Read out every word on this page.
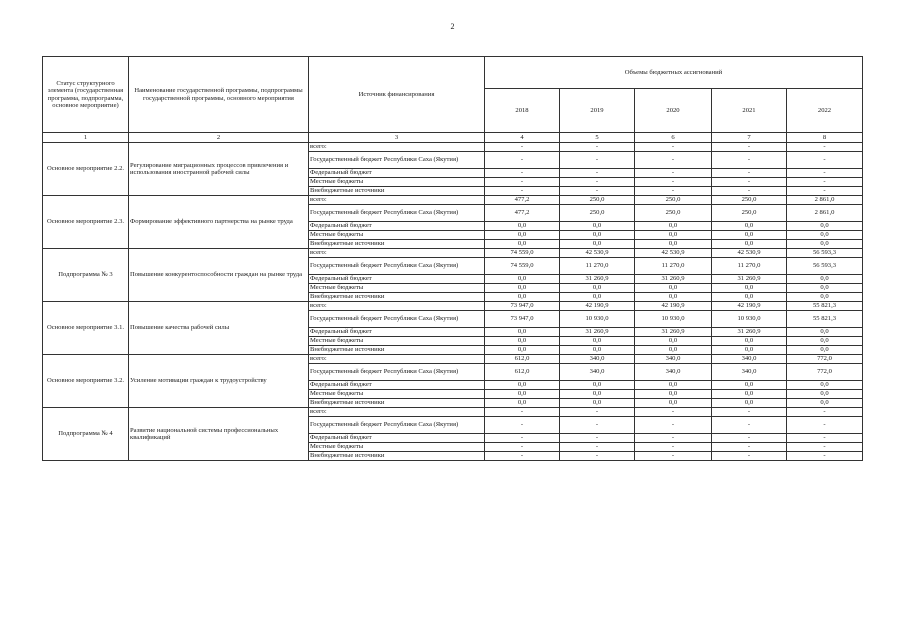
2
Статус структурного элемента (государственная программа, подпрограмма, основное мероприятие)	Наименование государственной программы, подпрограммы государственной программы, основного мероприятия	Источник финансирования	Объемы бюджетных ассигнований				
			2018	2019	2020	2021	2022
1	2	3	4	5	6	7	8
Основное мероприятие 2.2.	Регулирование миграционных процессов привлечения и использования иностранной рабочей силы	всего:	-	-	-	-	-
		Государственный бюджет Республики Саха (Якутия)	-	-	-	-	-
		Федеральный бюджет	-	-	-	-	-
		Местные бюджеты	-	-	-	-	-
		Внебюджетные источники	-	-	-	-	-
Основное мероприятие 2.3.	Формирование эффективного партнерства на рынке труда	всего:	477,2	250,0	250,0	250,0	2 861,0
		Государственный бюджет Республики Саха (Якутия)	477,2	250,0	250,0	250,0	2 861,0
		Федеральный бюджет	0,0	0,0	0,0	0,0	0,0
		Местные бюджеты	0,0	0,0	0,0	0,0	0,0
		Внебюджетные источники	0,0	0,0	0,0	0,0	0,0
Подпрограмма № 3	Повышение конкурентоспособности граждан на рынке труда	всего:	74 559,0	42 530,9	42 530,9	42 530,9	56 593,3
		Государственный бюджет Республики Саха (Якутия)	74 559,0	11 270,0	11 270,0	11 270,0	56 593,3
		Федеральный бюджет	0,0	31 260,9	31 260,9	31 260,9	0,0
		Местные бюджеты	0,0	0,0	0,0	0,0	0,0
		Внебюджетные источники	0,0	0,0	0,0	0,0	0,0
Основное мероприятие 3.1.	Повышение качества рабочей силы	всего:	73 947,0	42 190,9	42 190,9	42 190,9	55 821,3
		Государственный бюджет Республики Саха (Якутия)	73 947,0	10 930,0	10 930,0	10 930,0	55 821,3
		Федеральный бюджет	0,0	31 260,9	31 260,9	31 260,9	0,0
		Местные бюджеты	0,0	0,0	0,0	0,0	0,0
		Внебюджетные источники	0,0	0,0	0,0	0,0	0,0
Основное мероприятие 3.2.	Усиление мотивации граждан к трудоустройству	всего:	612,0	340,0	340,0	340,0	772,0
		Государственный бюджет Республики Саха (Якутия)	612,0	340,0	340,0	340,0	772,0
		Федеральный бюджет	0,0	0,0	0,0	0,0	0,0
		Местные бюджеты	0,0	0,0	0,0	0,0	0,0
		Внебюджетные источники	0,0	0,0	0,0	0,0	0,0
Подпрограмма № 4	Развитие национальной системы профессиональных квалификаций	всего:	-	-	-	-	-
		Государственный бюджет Республики Саха (Якутия)	-	-	-	-	-
		Федеральный бюджет	-	-	-	-	-
		Местные бюджеты	-	-	-	-	-
		Внебюджетные источники	-	-	-	-	-
